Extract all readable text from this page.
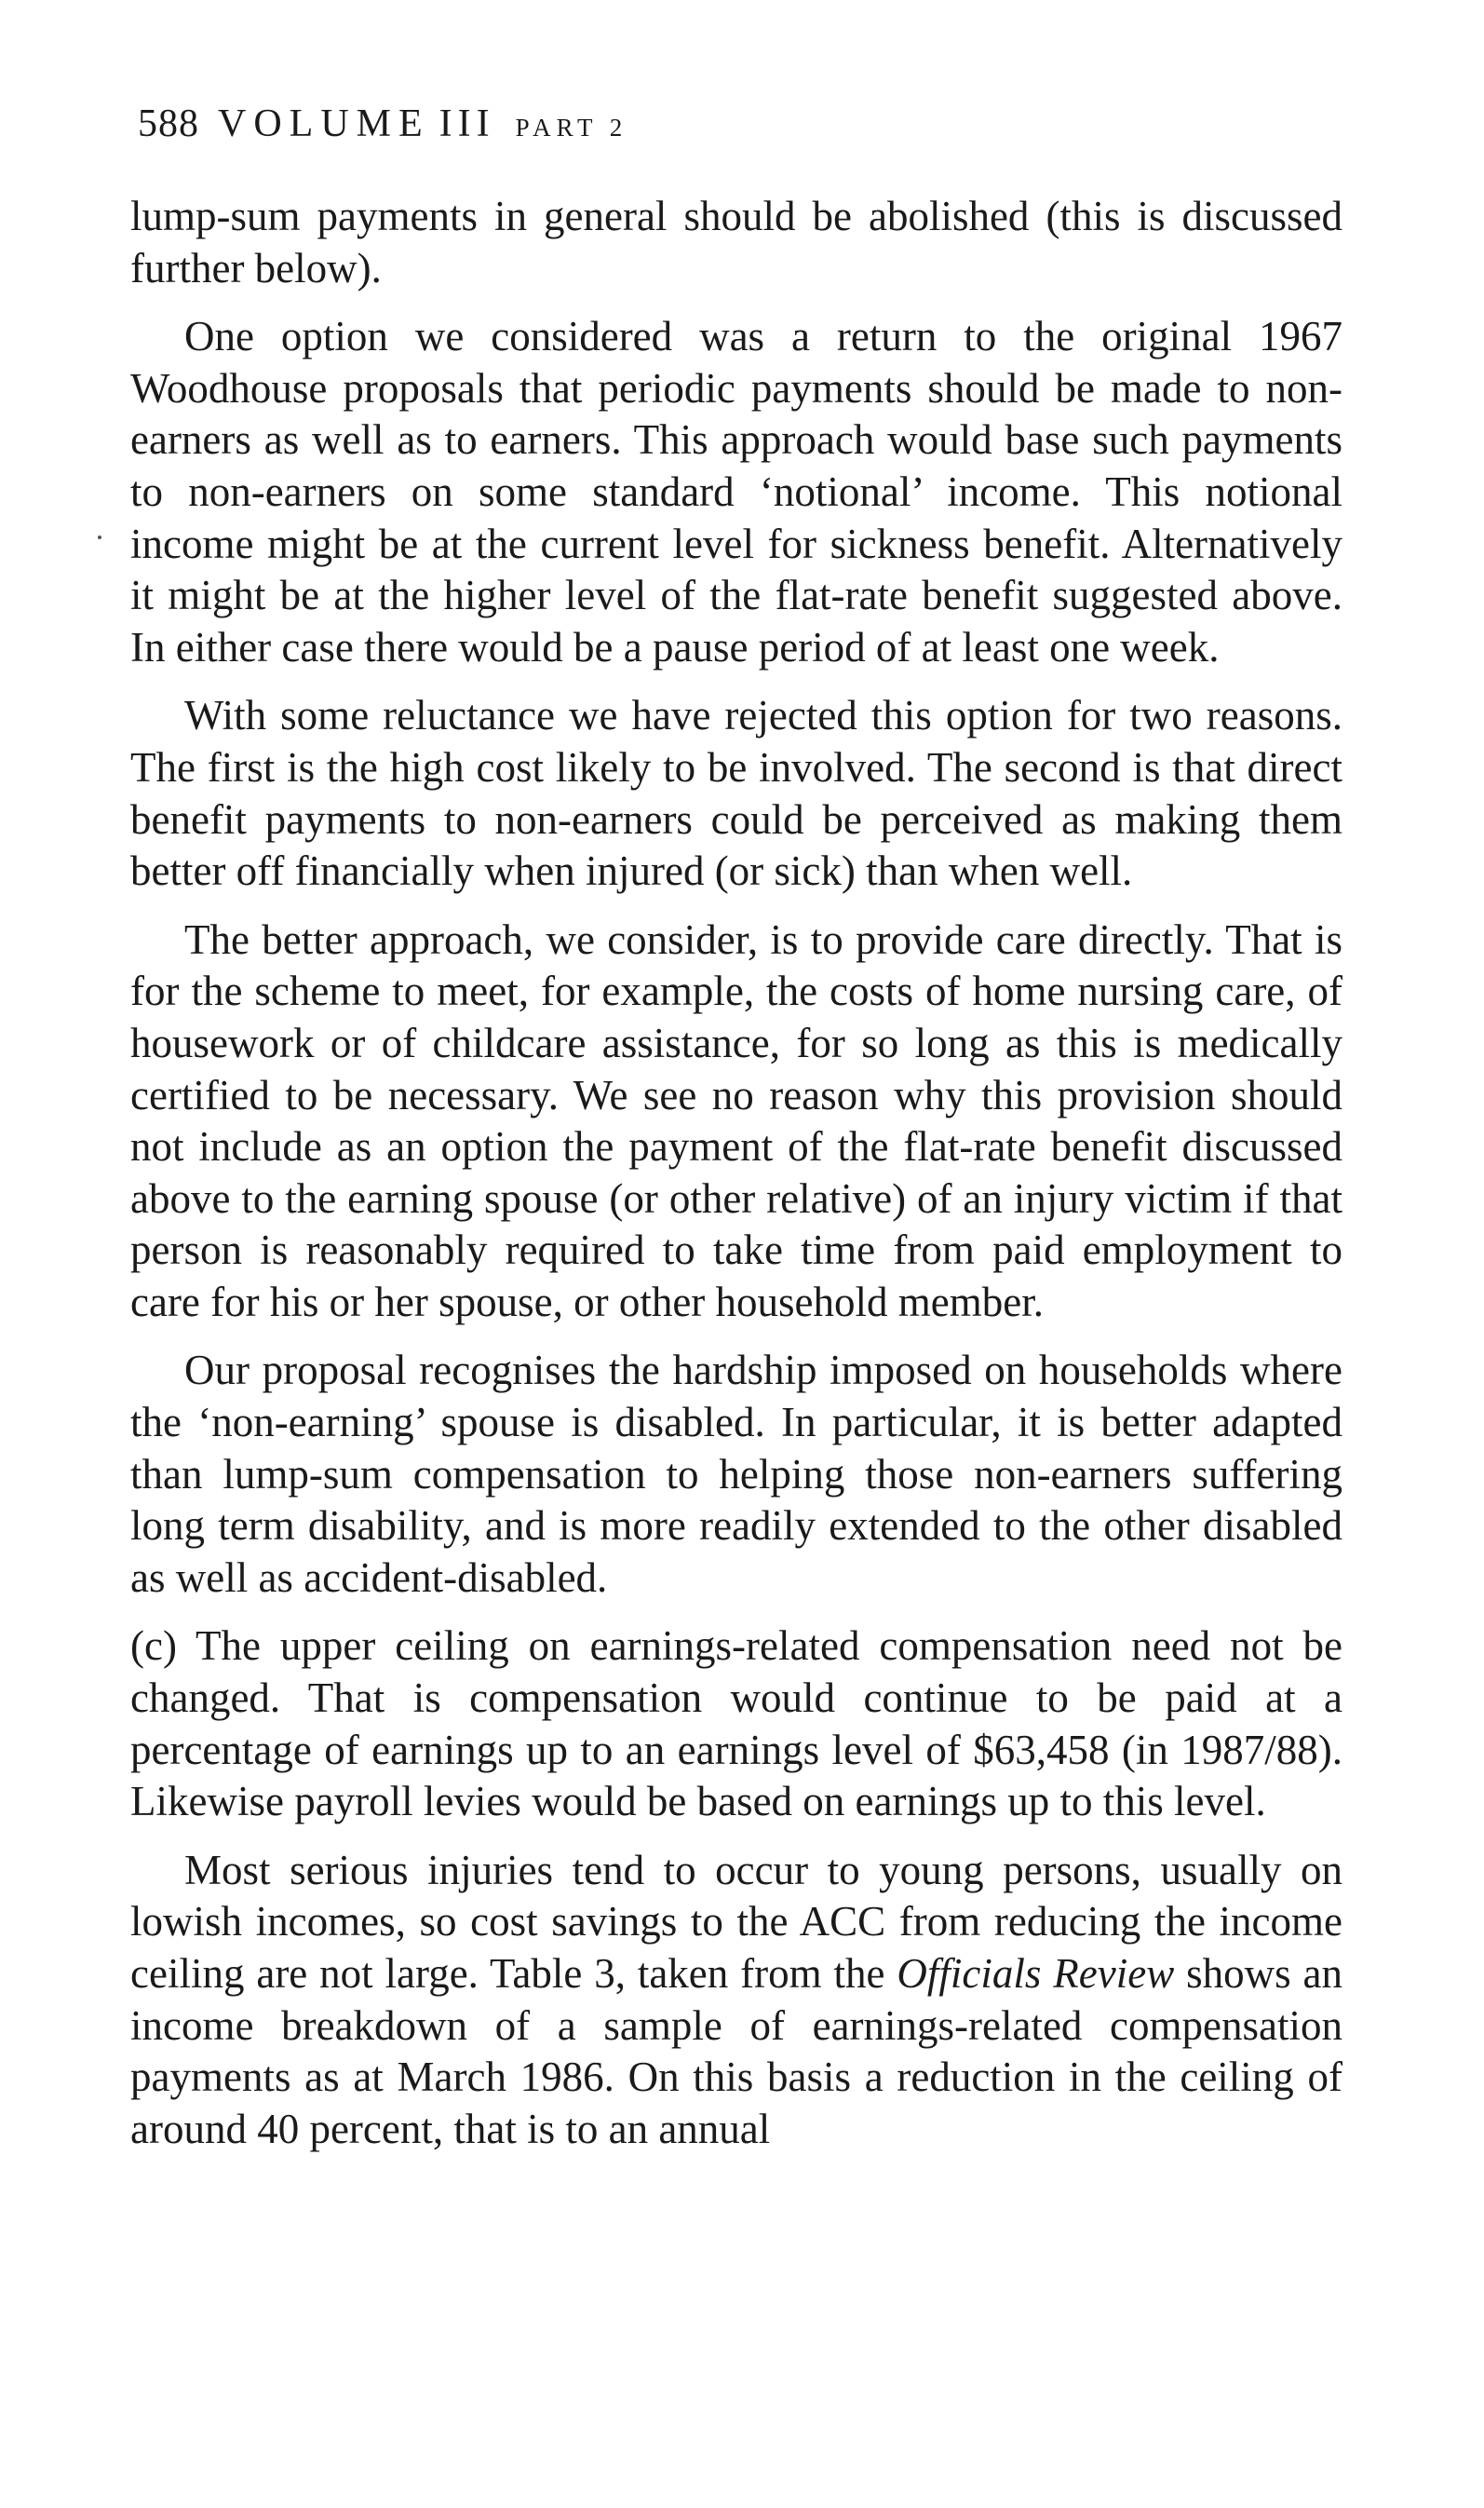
588 VOLUME III PART 2

lump-sum payments in general should be abolished (this is discussed further below).

One option we considered was a return to the original 1967 Woodhouse proposals that periodic payments should be made to non-earners as well as to earners. This approach would base such payments to non-earners on some standard ‘notional’ income. This notional income might be at the current level for sickness benefit. Alternatively it might be at the higher level of the flat-rate benefit suggested above. In either case there would be a pause period of at least one week.

With some reluctance we have rejected this option for two reasons. The first is the high cost likely to be involved. The second is that direct benefit payments to non-earners could be perceived as making them better off financially when injured (or sick) than when well.

The better approach, we consider, is to provide care directly. That is for the scheme to meet, for example, the costs of home nursing care, of housework or of childcare assistance, for so long as this is medically certified to be necessary. We see no reason why this provision should not include as an option the payment of the flat-rate benefit discussed above to the earning spouse (or other relative) of an injury victim if that person is reasonably required to take time from paid employment to care for his or her spouse, or other household member.

Our proposal recognises the hardship imposed on households where the ‘non-earning’ spouse is disabled. In particular, it is better adapted than lump-sum compensation to helping those non-earners suffering long term disability, and is more readily extended to the other disabled as well as accident-disabled.

(c) The upper ceiling on earnings-related compensation need not be changed. That is compensation would continue to be paid at a percentage of earnings up to an earnings level of $63,458 (in 1987/88). Likewise payroll levies would be based on earnings up to this level.

Most serious injuries tend to occur to young persons, usually on lowish incomes, so cost savings to the ACC from reducing the income ceiling are not large. Table 3, taken from the Officials Review shows an income breakdown of a sample of earnings-related compensation payments as at March 1986. On this basis a reduction in the ceiling of around 40 percent, that is to an annual
